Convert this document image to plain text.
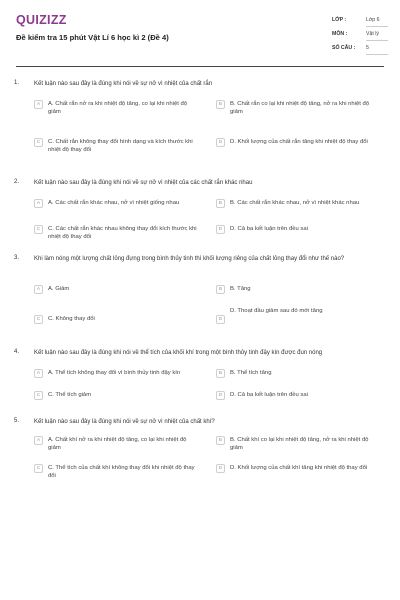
QUIZIZZ
Đề kiểm tra 15 phút Vật Lí 6 học kì 2 (Đề 4)
LỚP :	Lớp 6
MÔN :	Vật lý
SỐ CÂU : 5
1. Kết luận nào sau đây là đúng khi nói về sự nở vì nhiệt của chất rắn
A	A. Chất rắn nở ra khi nhiệt độ tăng, co lại khi nhiệt độ giảm
B	B. Chất rắn co lại khi nhiệt độ tăng, nở ra khi nhiệt độ giảm
C	C. Chất rắn không thay đổi hình dạng và kích thước khi nhiệt độ thay đổi
D	D. Khối lượng của chất rắn tăng khi nhiệt độ thay đổi
2. Kết luận nào sau đây là đúng khi nói về sự nở vì nhiệt của các chất rắn khác nhau
A	A. Các chất rắn khác nhau, nở vì nhiệt giống nhau	B	B. Các chất rắn khác nhau, nở vì nhiệt khác nhau
C	C. Các chất rắn khác nhau không thay đổi kích thước khi nhiệt độ thay đổi
D	D. Cả ba kết luận trên đều sai
3. Khi làm nóng một lượng chất lỏng đựng trong bình thủy tinh thì khối lượng riêng của chất lỏng thay đổi như thế nào?
A	A. Giảm	B	B. Tăng
C	C. Không thay đổi	D
D. Thoạt đầu giảm sau đó mới tăng
4. Kết luận nào sau đây là đúng khi nói về thể tích của khối khí trong một bình thủy tinh đậy kín được đun nóng
A	A. Thể tích không thay đổi vì bình thủy tinh đậy kín	B	B. Thể tích tăng
C	C. Thể tích giảm	D	D. Cả ba kết luận trên đều sai
5. Kết luận nào sau đây là đúng khi nói về sự nở vì nhiệt của chất khí?
A	A. Chất khí nở ra khi nhiệt độ tăng, co lại khi nhiệt độ giảm
B	B. Chất khí co lại khi nhiệt độ tăng, nở ra khi nhiệt độ giảm
C	C. Thể tích của chất khí không thay đổi khi nhiệt độ thay đổi
D	D. Khối lượng của chất khí tăng khi nhiệt độ thay đổi
